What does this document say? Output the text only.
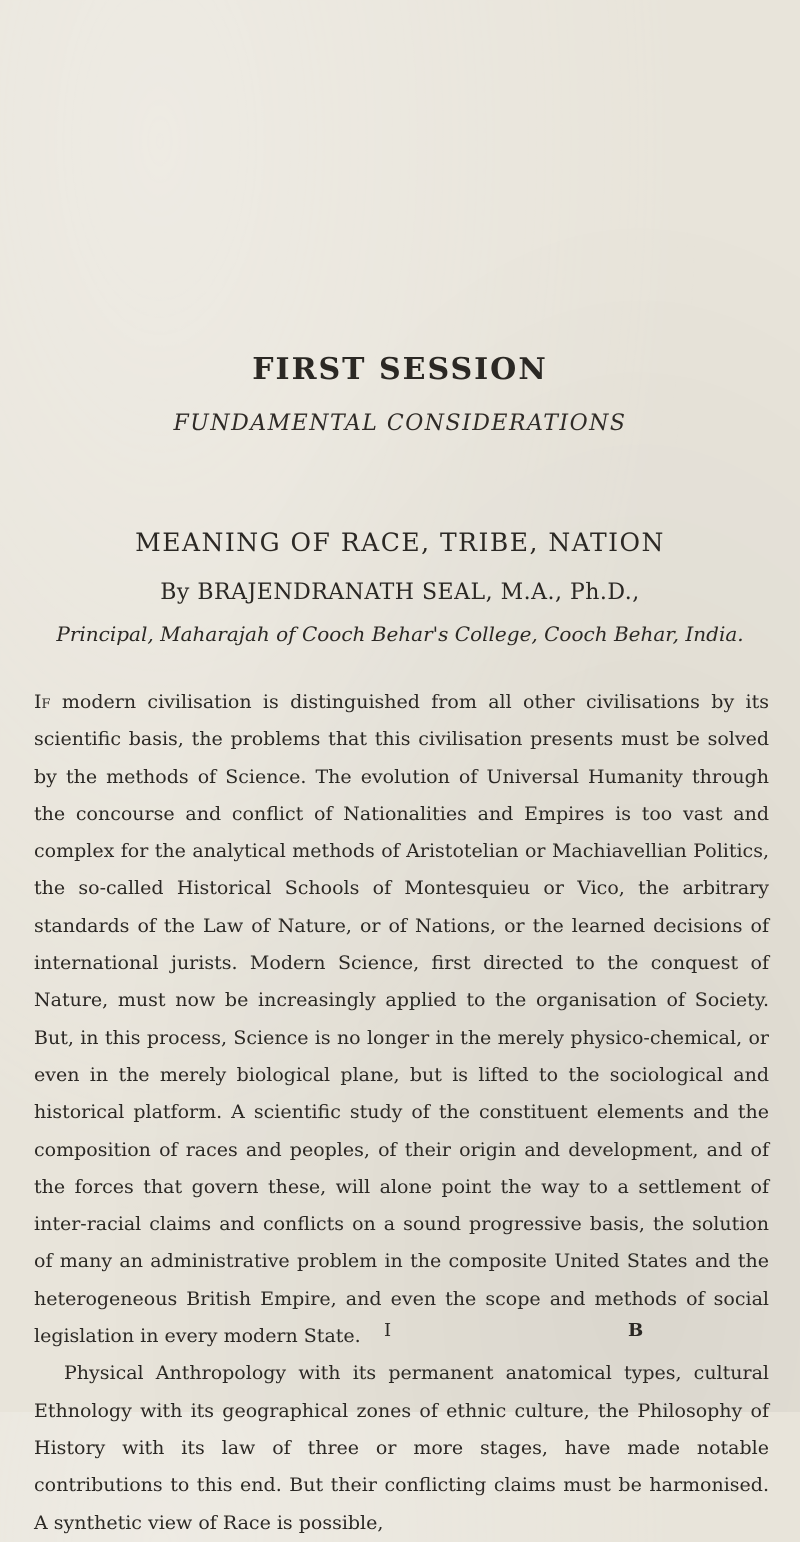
FIRST SESSION
FUNDAMENTAL CONSIDERATIONS
MEANING OF RACE, TRIBE, NATION
By BRAJENDRANATH SEAL, M.A., Ph.D.,
Principal, Maharajah of Cooch Behar's College, Cooch Behar, India.

If modern civilisation is distinguished from all other civilisations by its scientific basis, the problems that this civilisation presents must be solved by the methods of Science. The evolution of Universal Humanity through the concourse and conflict of Nationalities and Empires is too vast and complex for the analytical methods of Aristotelian or Machiavellian Politics, the so-called Historical Schools of Montesquieu or Vico, the arbitrary standards of the Law of Nature, or of Nations, or the learned decisions of international jurists. Modern Science, first directed to the conquest of Nature, must now be increasingly applied to the organisation of Society. But, in this process, Science is no longer in the merely physico-chemical, or even in the merely biological plane, but is lifted to the sociological and historical platform. A scientific study of the constituent elements and the composition of races and peoples, of their origin and development, and of the forces that govern these, will alone point the way to a settlement of inter-racial claims and conflicts on a sound progressive basis, the solution of many an administrative problem in the composite United States and the heterogeneous British Empire, and even the scope and methods of social legislation in every modern State.

Physical Anthropology with its permanent anatomical types, cultural Ethnology with its geographical zones of ethnic culture, the Philosophy of History with its law of three or more stages, have made notable contributions to this end. But their conflicting claims must be harmonised. A synthetic view of Race is possible,

I	B
